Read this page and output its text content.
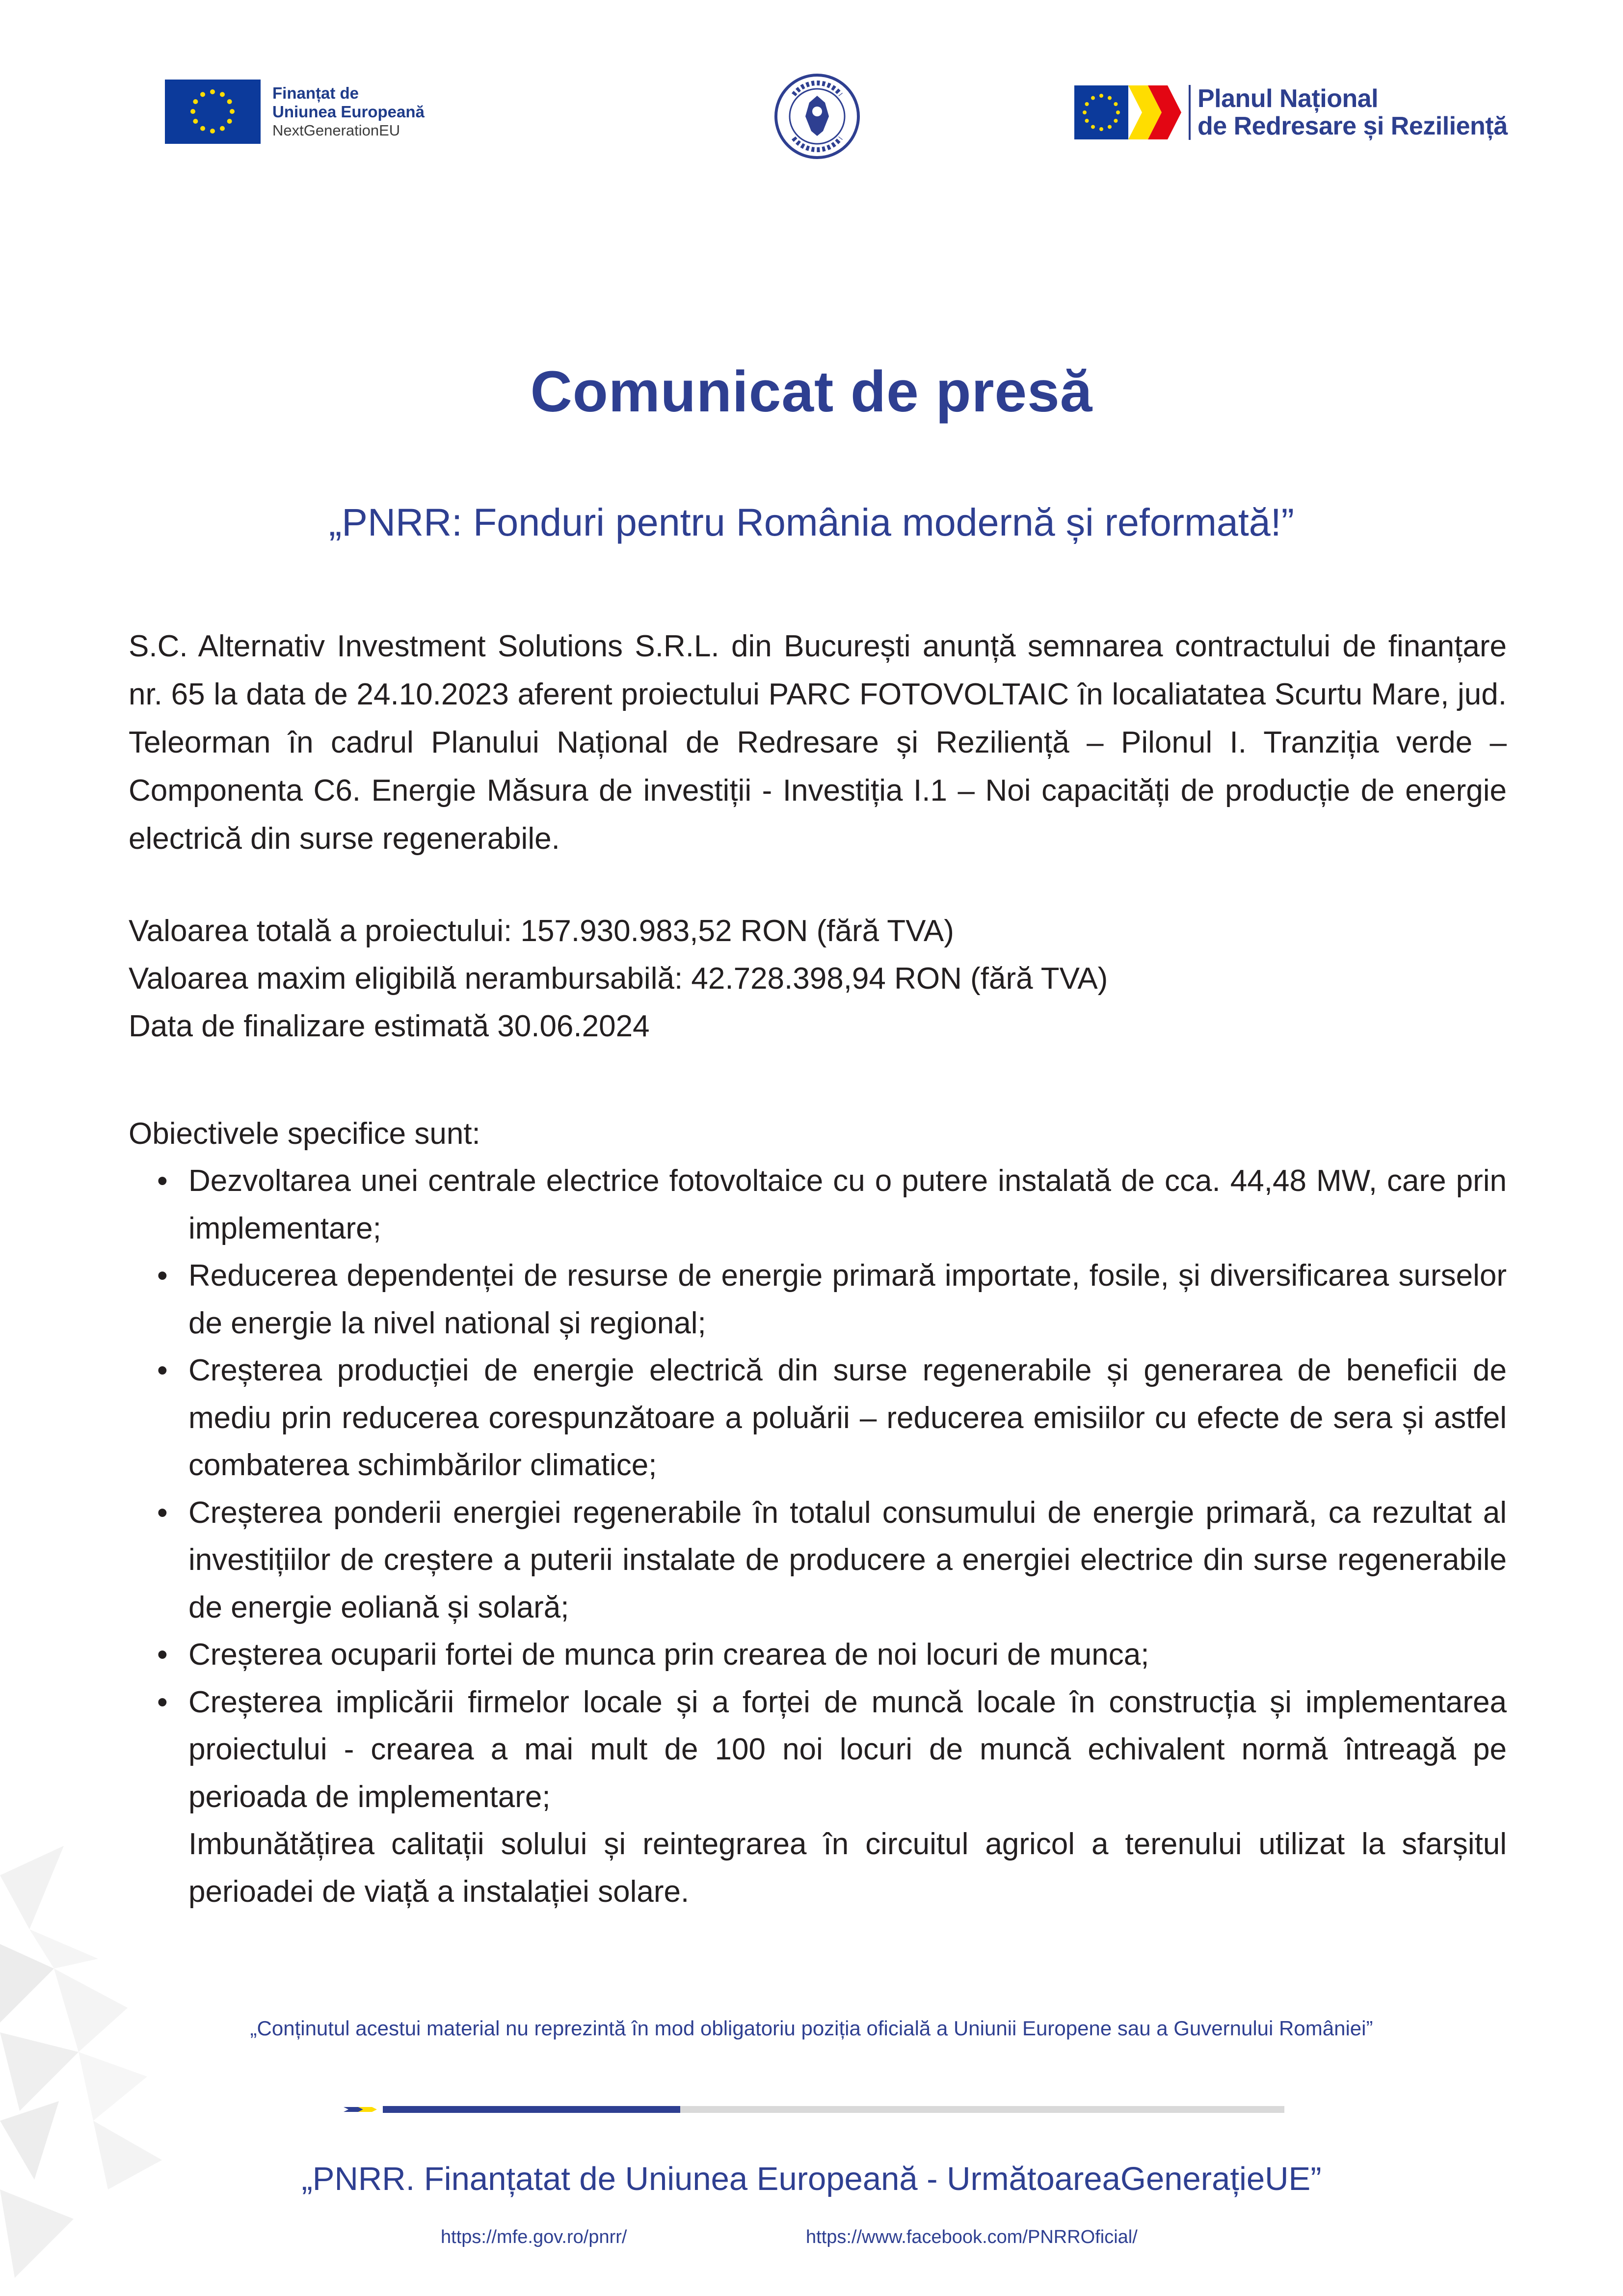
Finanțat de
Uniunea Europeană
NextGenerationEU
Planul Național
de Redresare și Reziliență
Comunicat de presă
„PNRR: Fonduri pentru România modernă și reformată!”
S.C. Alternativ Investment Solutions S.R.L. din București anunță semnarea contractului de finanțare nr. 65 la data de 24.10.2023 aferent proiectului PARC FOTOVOLTAIC în localiatatea Scurtu Mare, jud. Teleorman în cadrul Planului Național de Redresare și Reziliență – Pilonul I. Tranziția verde – Componenta C6. Energie Măsura de investiții - Investiția I.1 – Noi capacități de producție de energie electrică din surse regenerabile.
Valoarea totală a proiectului: 157.930.983,52 RON (fără TVA)
Valoarea maxim eligibilă nerambursabilă: 42.728.398,94 RON (fără TVA)
Data de finalizare estimată 30.06.2024
Obiectivele specifice sunt:
• Dezvoltarea unei centrale electrice fotovoltaice cu o putere instalată de cca. 44,48 MW, care prin implementare;
• Reducerea dependenței de resurse de energie primară importate, fosile, și diversificarea surselor de energie la nivel national și regional;
• Creșterea producției de energie electrică din surse regenerabile și generarea de beneficii de mediu prin reducerea corespunzătoare a poluării – reducerea emisiilor cu efecte de sera și astfel combaterea schimbărilor climatice;
• Creșterea ponderii energiei regenerabile în totalul consumului de energie primară, ca rezultat al investițiilor de creștere a puterii instalate de producere a energiei electrice din surse regenerabile de energie eoliană și solară;
• Creșterea ocuparii fortei de munca prin crearea de noi locuri de munca;
• Creșterea implicării firmelor locale și a forței de muncă locale în construcția și implementarea proiectului - crearea a mai mult de 100 noi locuri de muncă echivalent normă întreagă pe perioada de implementare;
Imbunătățirea calitații solului și reintegrarea în circuitul agricol a terenului utilizat la sfarșitul perioadei de viață a instalației solare.
„Conținutul acestui material nu reprezintă în mod obligatoriu poziția oficială a Uniunii Europene sau a Guvernului României”
„PNRR. Finanțatat de Uniunea Europeană - UrmătoareaGenerațieUE”
https://mfe.gov.ro/pnrr/	https://www.facebook.com/PNRROficial/
